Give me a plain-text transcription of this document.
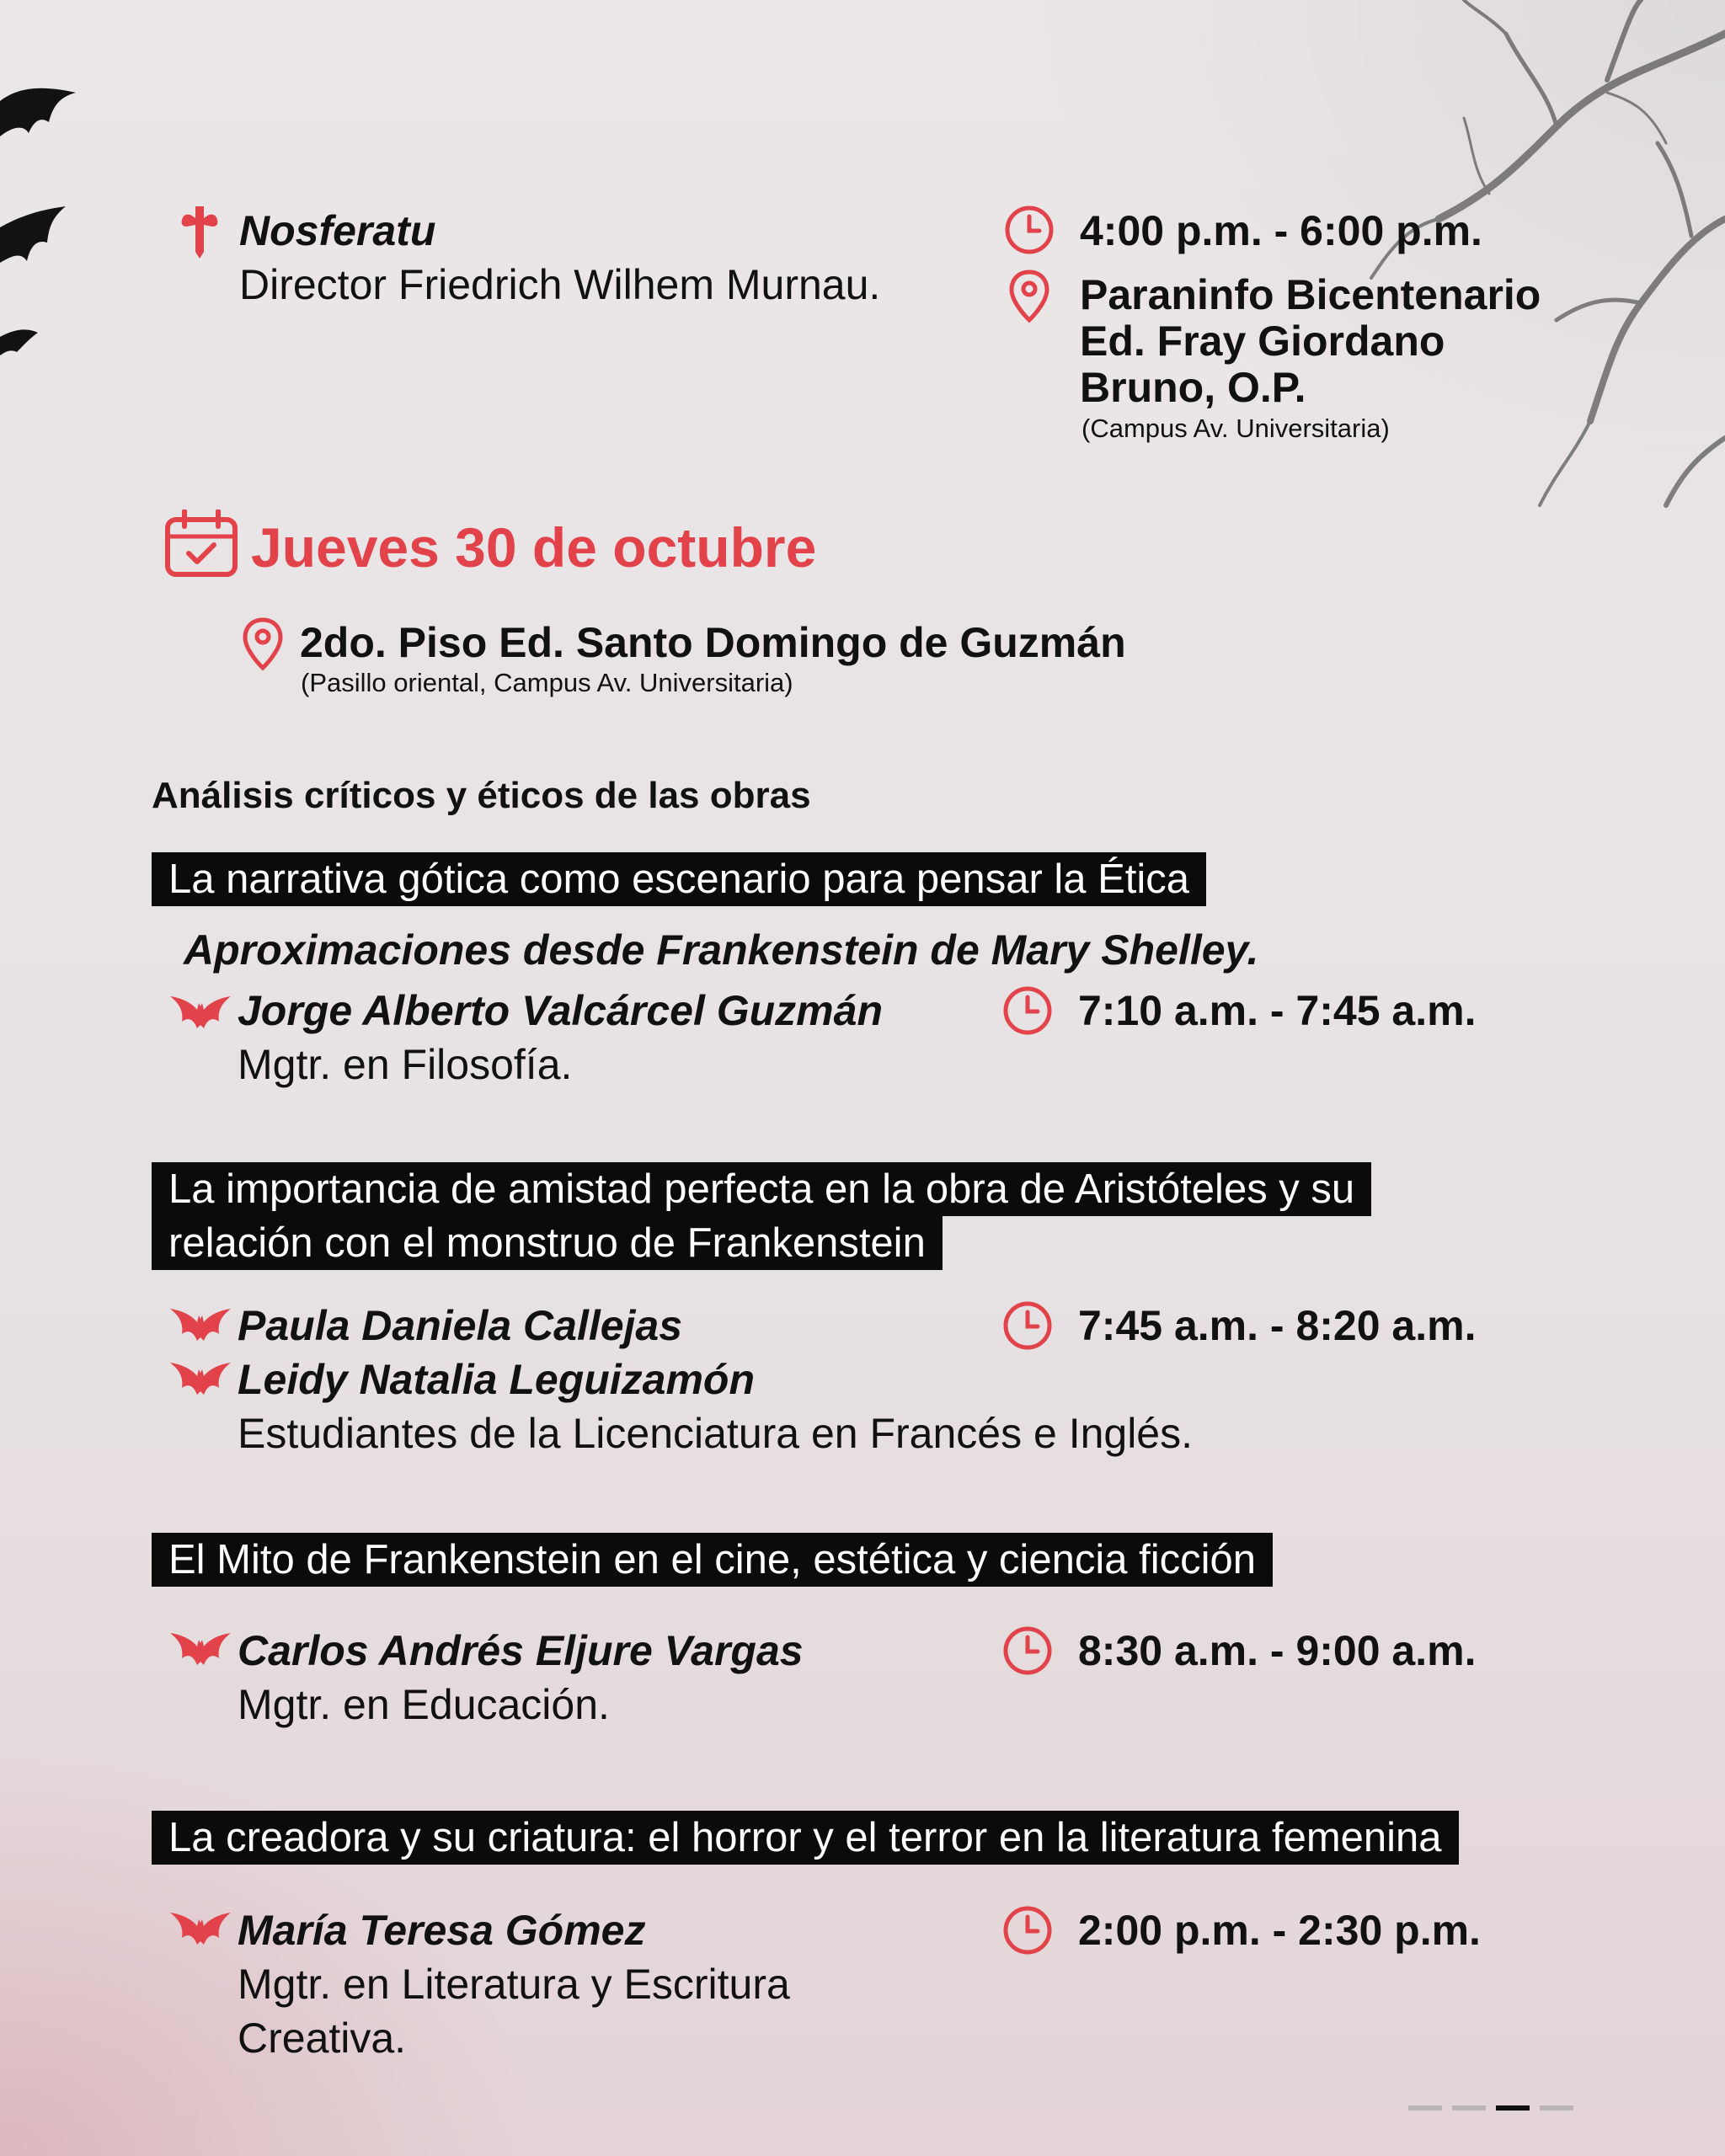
Nosferatu
Director Friedrich Wilhem Murnau.
4:00 p.m. - 6:00 p.m.
Paraninfo Bicentenario
Ed. Fray Giordano
Bruno, O.P.
(Campus Av. Universitaria)
Jueves 30 de octubre
2do. Piso Ed. Santo Domingo de Guzmán
(Pasillo oriental, Campus Av. Universitaria)
Análisis críticos y éticos de las obras
La narrativa gótica como escenario para pensar la Ética
Aproximaciones desde Frankenstein de Mary Shelley.
Jorge Alberto Valcárcel Guzmán
Mgtr. en Filosofía.
7:10 a.m. - 7:45 a.m.
La importancia de amistad perfecta en la obra de Aristóteles y su
relación con el monstruo de Frankenstein
Paula Daniela Callejas
Leidy Natalia Leguizamón
Estudiantes de la Licenciatura en Francés e Inglés.
7:45 a.m. - 8:20 a.m.
El Mito de Frankenstein en el cine, estética y ciencia ficción
Carlos Andrés Eljure Vargas
Mgtr. en Educación.
8:30 a.m. - 9:00 a.m.
La creadora y su criatura: el horror y el terror en la literatura femenina
María Teresa Gómez
Mgtr. en Literatura y Escritura
Creativa.
2:00 p.m. - 2:30 p.m.
